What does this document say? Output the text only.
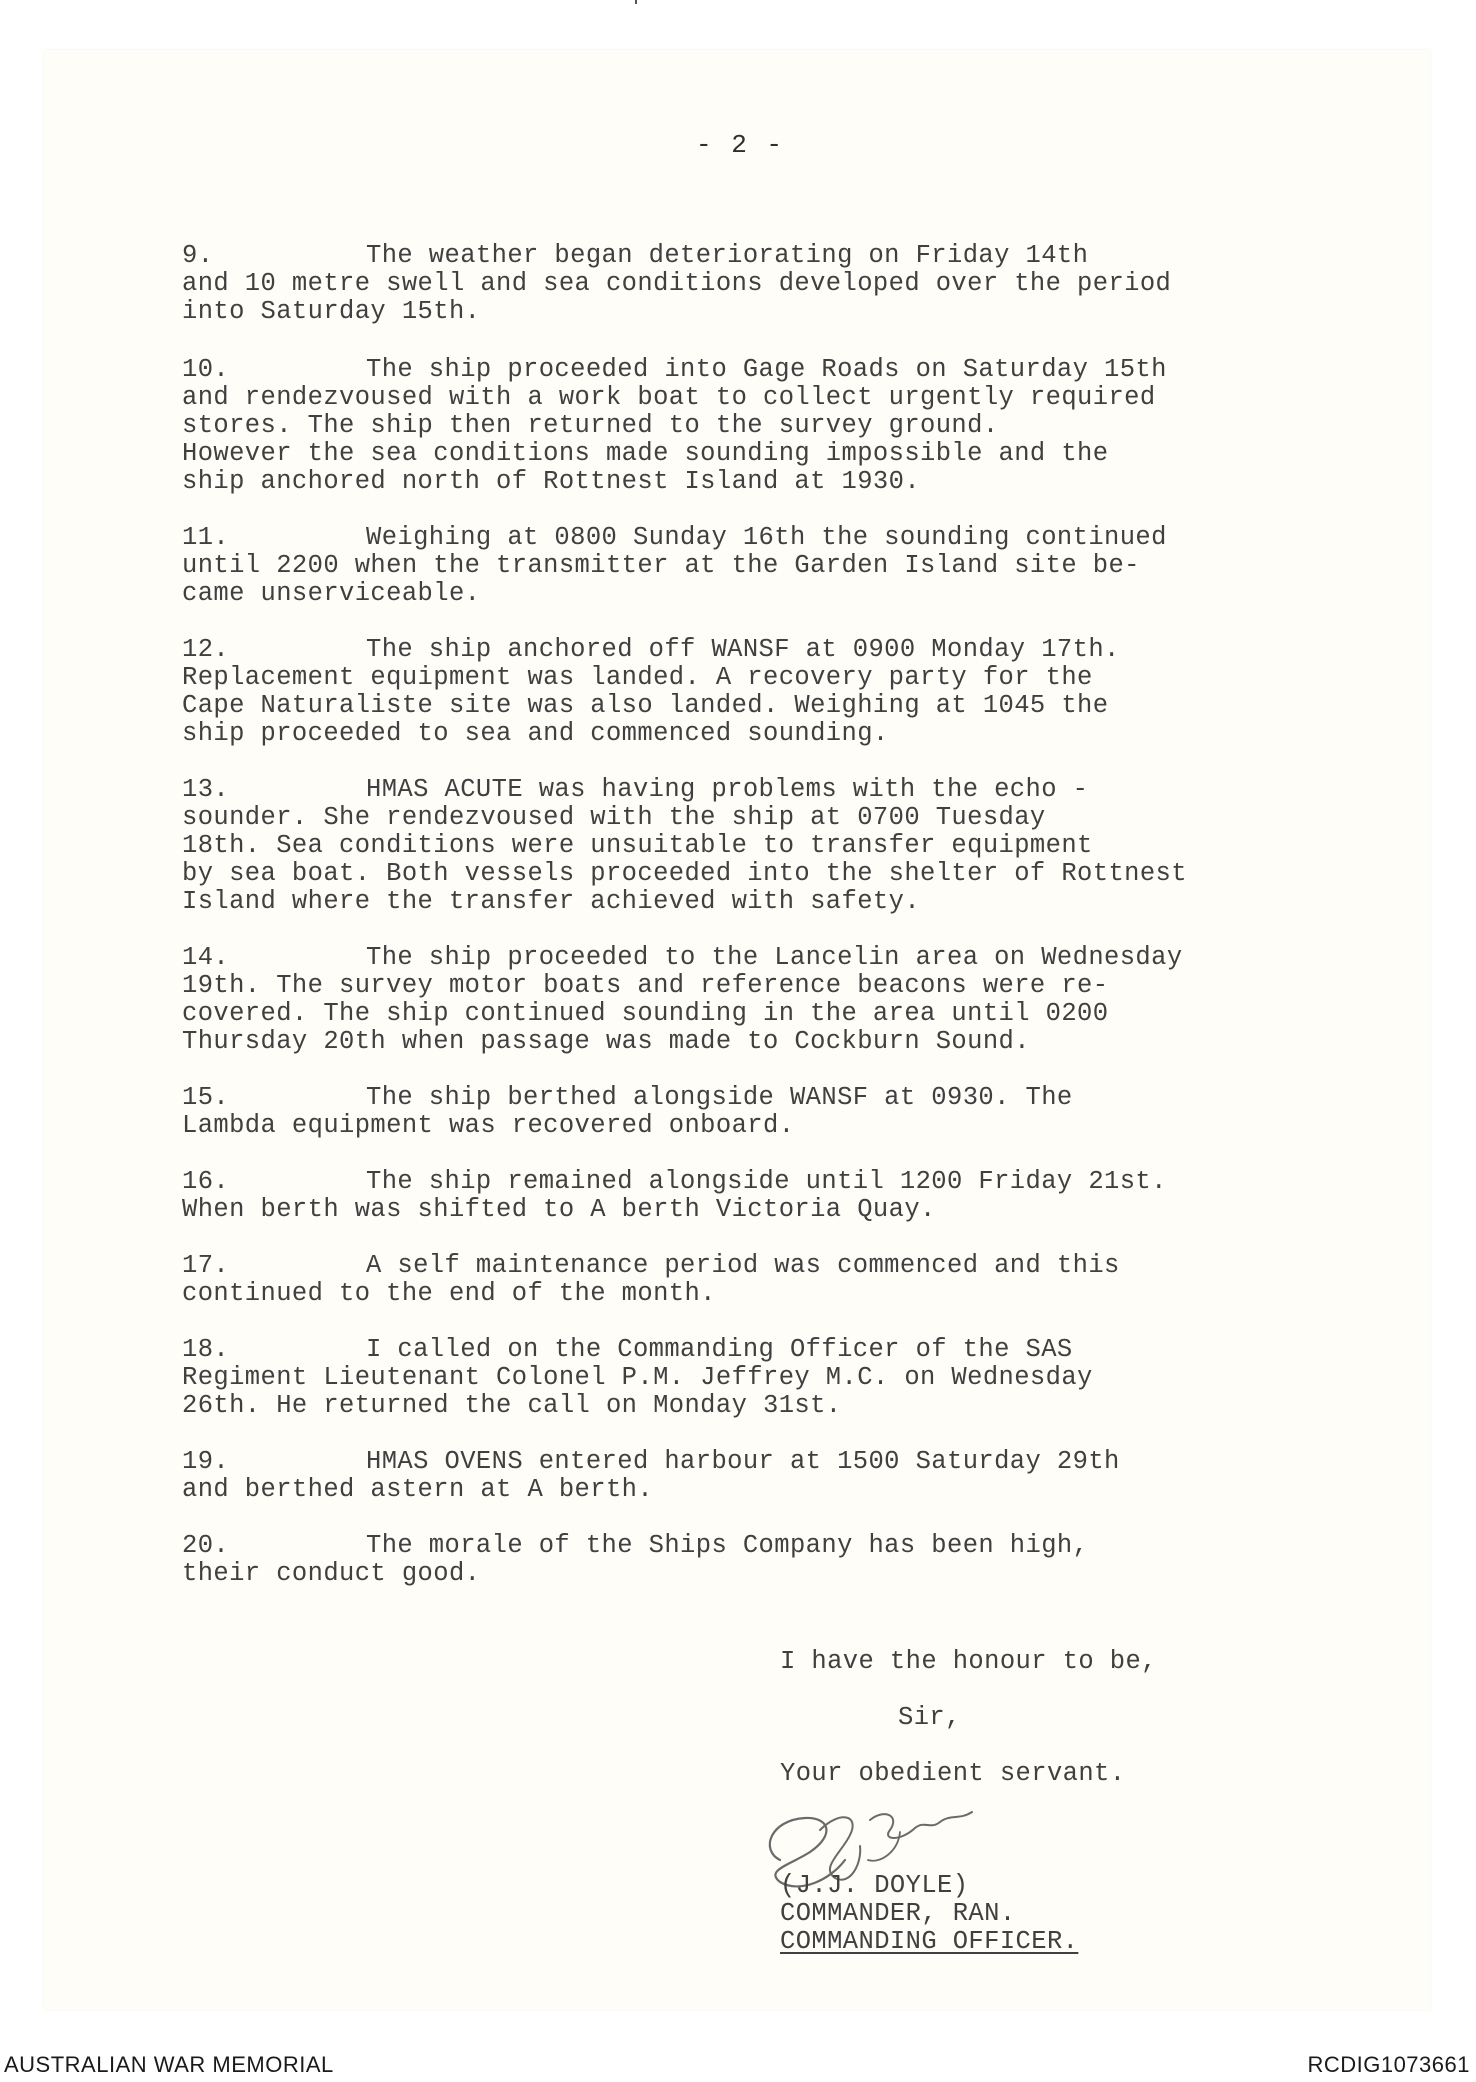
- 2 -
9.	The weather began deteriorating on Friday 14th
and 10 metre swell and sea conditions developed over the period
into Saturday 15th.
10.	The ship proceeded into Gage Roads on Saturday 15th
and rendezvoused with a work boat to collect urgently required
stores. The ship then returned to the survey ground.
However the sea conditions made sounding impossible and the
ship anchored north of Rottnest Island at 1930.
11.	Weighing at 0800 Sunday 16th the sounding continued
until 2200 when the transmitter at the Garden Island site be-
came unserviceable.
12.	The ship anchored off WANSF at 0900 Monday 17th.
Replacement equipment was landed. A recovery party for the
Cape Naturaliste site was also landed. Weighing at 1045 the
ship proceeded to sea and commenced sounding.
13.	HMAS ACUTE was having problems with the echo -
sounder. She rendezvoused with the ship at 0700 Tuesday
18th. Sea conditions were unsuitable to transfer equipment
by sea boat. Both vessels proceeded into the shelter of Rottnest
Island where the transfer achieved with safety.
14.	The ship proceeded to the Lancelin area on Wednesday
19th. The survey motor boats and reference beacons were re-
covered. The ship continued sounding in the area until 0200
Thursday 20th when passage was made to Cockburn Sound.
15.	The ship berthed alongside WANSF at 0930. The
Lambda equipment was recovered onboard.
16.	The ship remained alongside until 1200 Friday 21st.
When berth was shifted to A berth Victoria Quay.
17.	A self maintenance period was commenced and this
continued to the end of the month.
18.	I called on the Commanding Officer of the SAS
Regiment Lieutenant Colonel P.M. Jeffrey M.C. on Wednesday
26th. He returned the call on Monday 31st.
19.	HMAS OVENS entered harbour at 1500 Saturday 29th
and berthed astern at A berth.
20.	The morale of the Ships Company has been high,
their conduct good.
I have the honour to be,
Sir,
Your obedient servant.
(J.J. DOYLE)
COMMANDER, RAN.
COMMANDING OFFICER.
AUSTRALIAN WAR MEMORIAL	RCDIG1073661
